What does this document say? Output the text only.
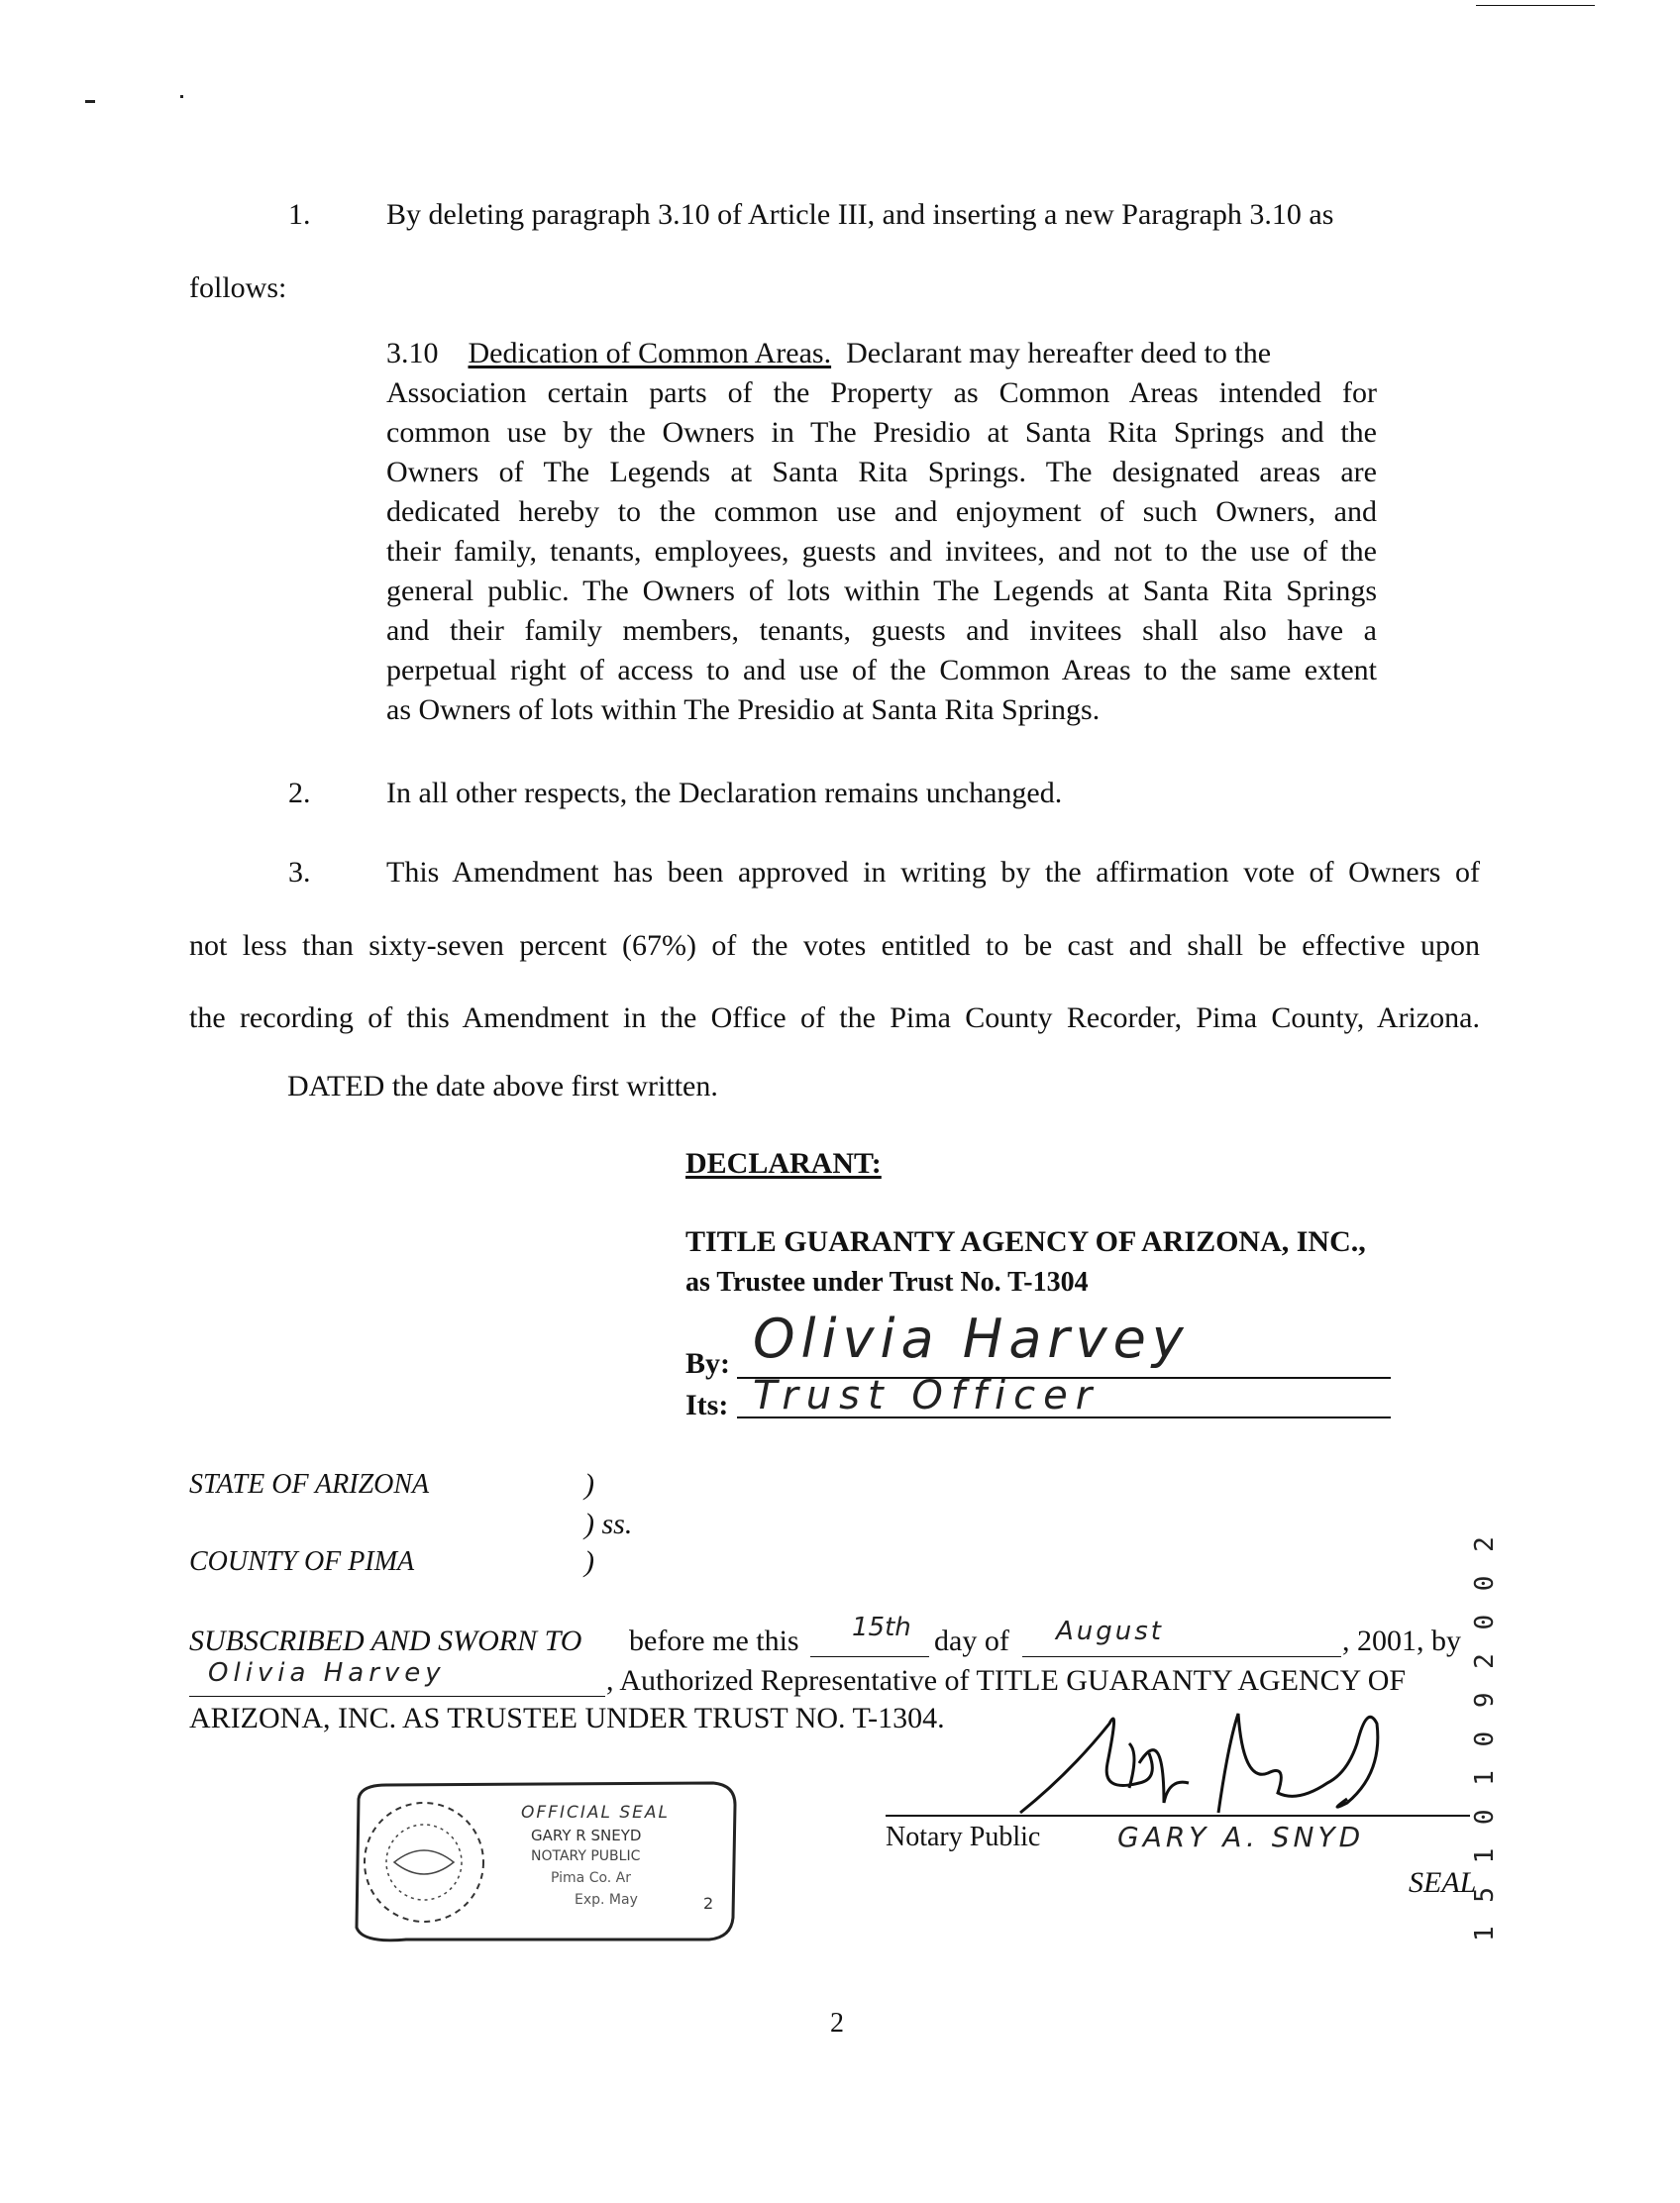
1.	By deleting paragraph 3.10 of Article III, and inserting a new Paragraph 3.10 as
follows:
3.10 Dedication of Common Areas. Declarant may hereafter deed to the
Association certain parts of the Property as Common Areas intended for
common use by the Owners in The Presidio at Santa Rita Springs and the
Owners of The Legends at Santa Rita Springs. The designated areas are
dedicated hereby to the common use and enjoyment of such Owners, and
their family, tenants, employees, guests and invitees, and not to the use of the
general public. The Owners of lots within The Legends at Santa Rita Springs
and their family members, tenants, guests and invitees shall also have a
perpetual right of access to and use of the Common Areas to the same extent
as Owners of lots within The Presidio at Santa Rita Springs.
2.	In all other respects, the Declaration remains unchanged.
3.	This Amendment has been approved in writing by the affirmation vote of Owners of
not less than sixty-seven percent (67%) of the votes entitled to be cast and shall be effective upon
the recording of this Amendment in the Office of the Pima County Recorder, Pima County, Arizona.
DATED the date above first written.
DECLARANT:
TITLE GUARANTY AGENCY OF ARIZONA, INC.,
as Trustee under Trust No. T-1304
By: Olivia Harvey
Its: Trust Officer
STATE OF ARIZONA	)
) ss.
COUNTY OF PIMA	)
SUBSCRIBED AND SWORN TO before me this 15th day of August	, 2001, by
Olivia Harvey	, Authorized Representative of TITLE GUARANTY AGENCY OF
ARIZONA, INC. AS TRUSTEE UNDER TRUST NO. T-1304.
OFFICIAL SEAL
GARY R SNEYD
NOTARY PUBLIC
Pima Co. Ar
Exp. May	2
Notary Public	GARY A. SNYD
SEAL
1 5 1 0 1 0 9 2 0 0 2
2
